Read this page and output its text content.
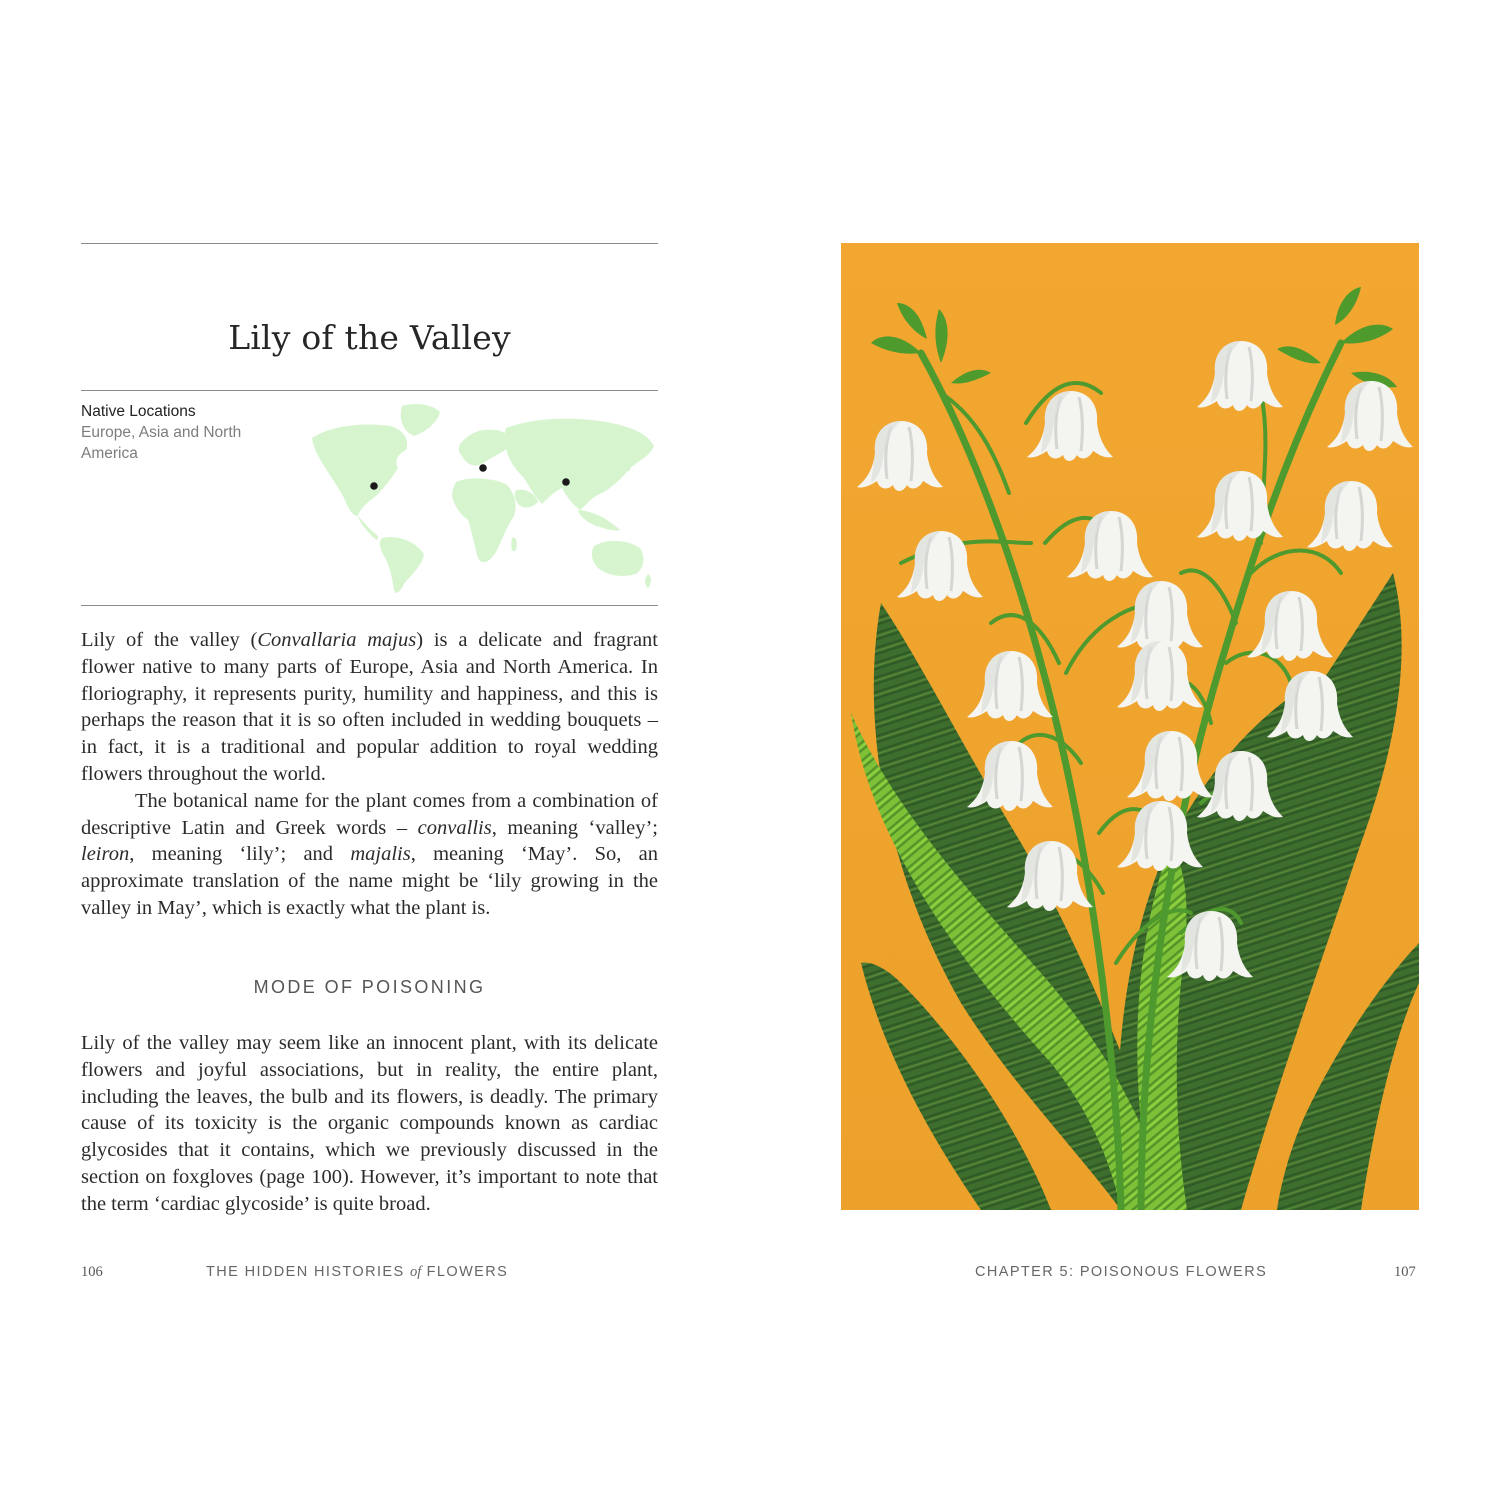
Lily of the Valley
Native Locations
Europe, Asia and North America

Lily of the valley (Convallaria majus) is a delicate and fragrant flower native to many parts of Europe, Asia and North America. In floriography, it represents purity, humility and happiness, and this is perhaps the reason that it is so often included in wedding bouquets – in fact, it is a traditional and popular addition to royal wedding flowers throughout the world.

The botanical name for the plant comes from a combination of descriptive Latin and Greek words – convallis, meaning ‘valley’; leiron, meaning ‘lily’; and majalis, meaning ‘May’. So, an approximate translation of the name might be ‘lily growing in the valley in May’, which is exactly what the plant is.

MODE OF POISONING

Lily of the valley may seem like an innocent plant, with its delicate flowers and joyful associations, but in reality, the entire plant, including the leaves, the bulb and its flowers, is deadly. The primary cause of its toxicity is the organic compounds known as cardiac glycosides that it contains, which we previously discussed in the section on foxgloves (page 100). However, it’s important to note that the term ‘cardiac glycoside’ is quite broad.

106	THE HIDDEN HISTORIES of FLOWERS	CHAPTER 5: POISONOUS FLOWERS	107
